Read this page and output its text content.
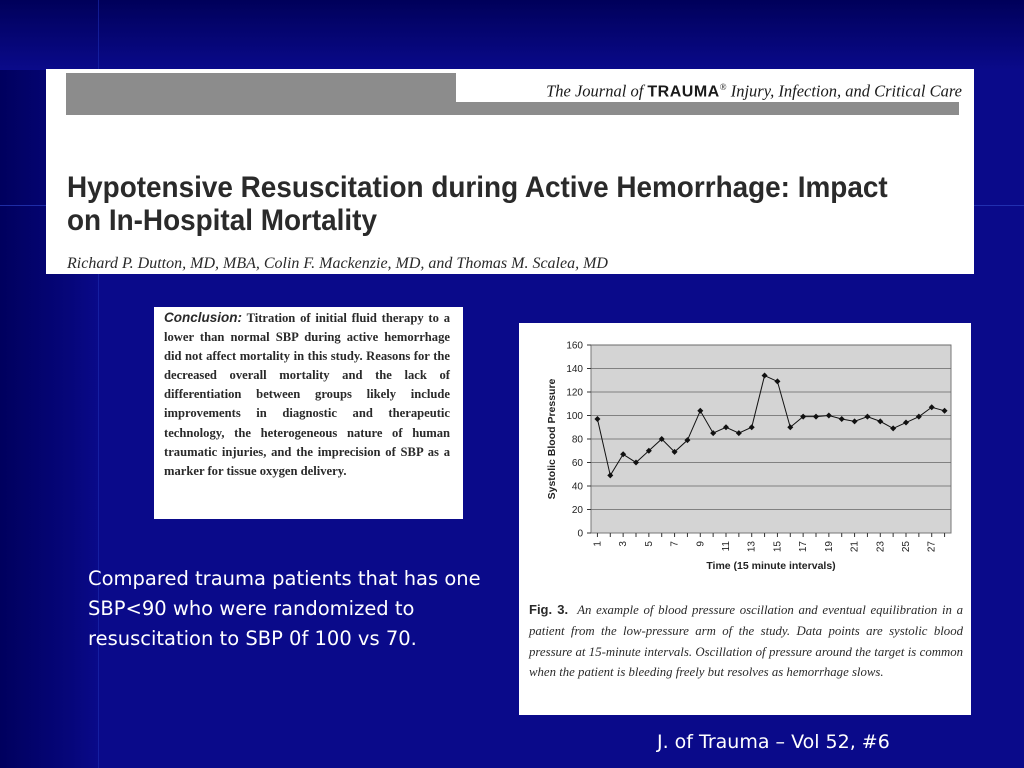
The Journal of TRAUMA® Injury, Infection, and Critical Care
Hypotensive Resuscitation during Active Hemorrhage: Impact
on In-Hospital Mortality
Richard P. Dutton, MD, MBA, Colin F. Mackenzie, MD, and Thomas M. Scalea, MD
Conclusion: Titration of initial fluid therapy to a lower than normal SBP during active hemorrhage did not affect mortality in this study. Reasons for the decreased overall mortality and the lack of differentiation between groups likely include improvements in diagnostic and therapeutic technology, the heterogeneous nature of human traumatic injuries, and the imprecision of SBP as a marker for tissue oxygen delivery.
Compared trauma patients that has one SBP<90 who were randomized to resuscitation to SBP 0f 100 vs 70.
0
20
40
60
80
100
120
140
160
1 3 5 7 9 11 13 15 17 19 21 23 25 27
Systolic Blood Pressure
Time (15 minute intervals)
Fig. 3. An example of blood pressure oscillation and eventual equilibration in a patient from the low-pressure arm of the study. Data points are systolic blood pressure at 15-minute intervals. Oscillation of pressure around the target is common when the patient is bleeding freely but resolves as hemorrhage slows.
J. of Trauma – Vol 52, #6
